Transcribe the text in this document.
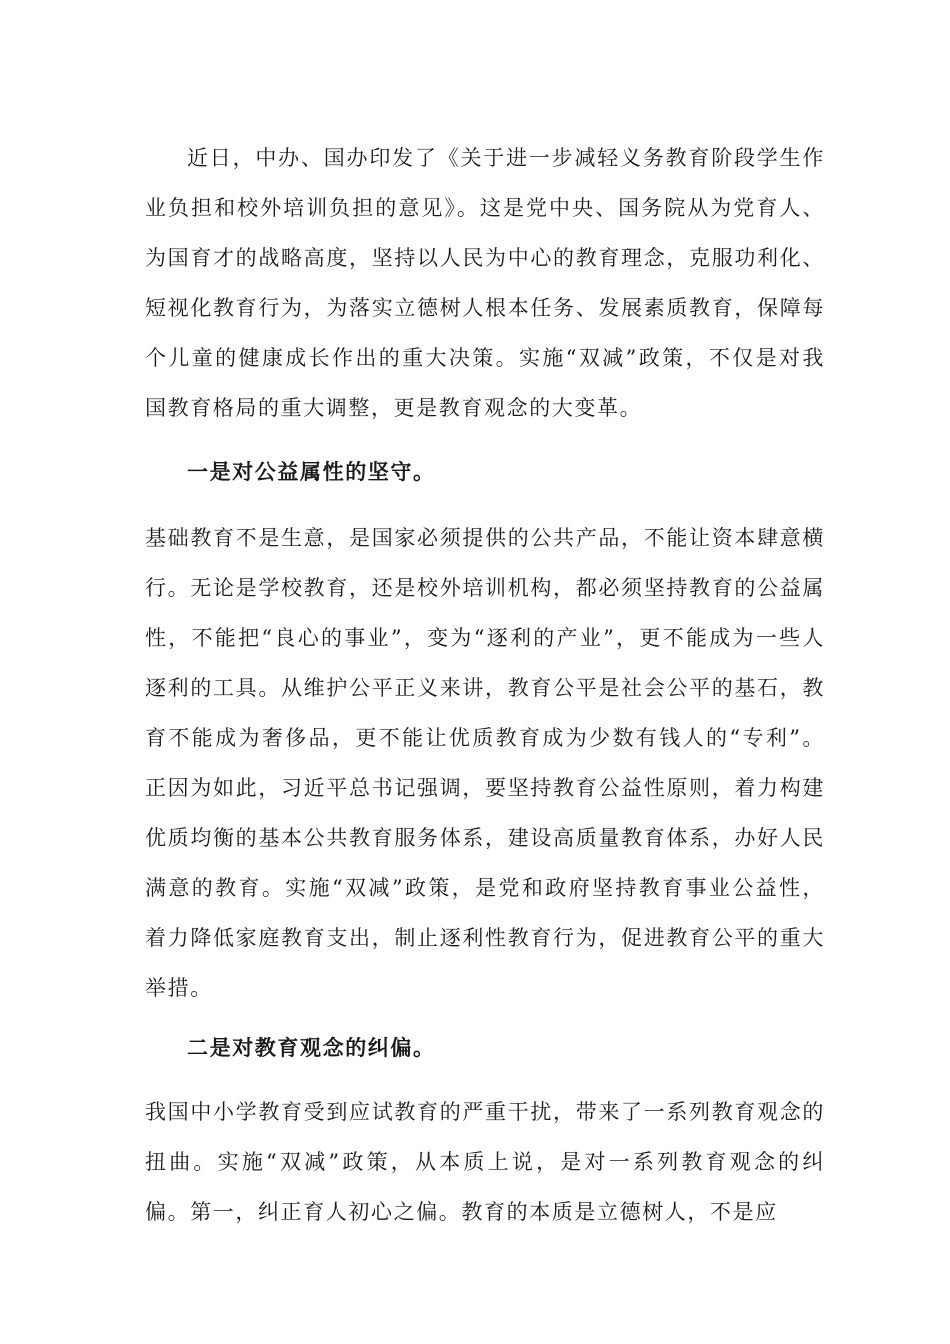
近日，中办、国办印发了《关于进一步减轻义务教育阶段学生作业负担和校外培训负担的意见》。这是党中央、国务院从为党育人、为国育才的战略高度，坚持以人民为中心的教育理念，克服功利化、短视化教育行为，为落实立德树人根本任务、发展素质教育，保障每个儿童的健康成长作出的重大决策。实施“双减”政策，不仅是对我国教育格局的重大调整，更是教育观念的大变革。

一是对公益属性的坚守。

基础教育不是生意，是国家必须提供的公共产品，不能让资本肆意横行。无论是学校教育，还是校外培训机构，都必须坚持教育的公益属性，不能把“良心的事业”，变为“逐利的产业”，更不能成为一些人逐利的工具。从维护公平正义来讲，教育公平是社会公平的基石，教育不能成为奢侈品，更不能让优质教育成为少数有钱人的“专利”。正因为如此，习近平总书记强调，要坚持教育公益性原则，着力构建优质均衡的基本公共教育服务体系，建设高质量教育体系，办好人民满意的教育。实施“双减”政策，是党和政府坚持教育事业公益性，着力降低家庭教育支出，制止逐利性教育行为，促进教育公平的重大举措。

二是对教育观念的纠偏。

我国中小学教育受到应试教育的严重干扰，带来了一系列教育观念的扭曲。实施“双减”政策，从本质上说，是对一系列教育观念的纠偏。第一，纠正育人初心之偏。教育的本质是立德树人，不是应
